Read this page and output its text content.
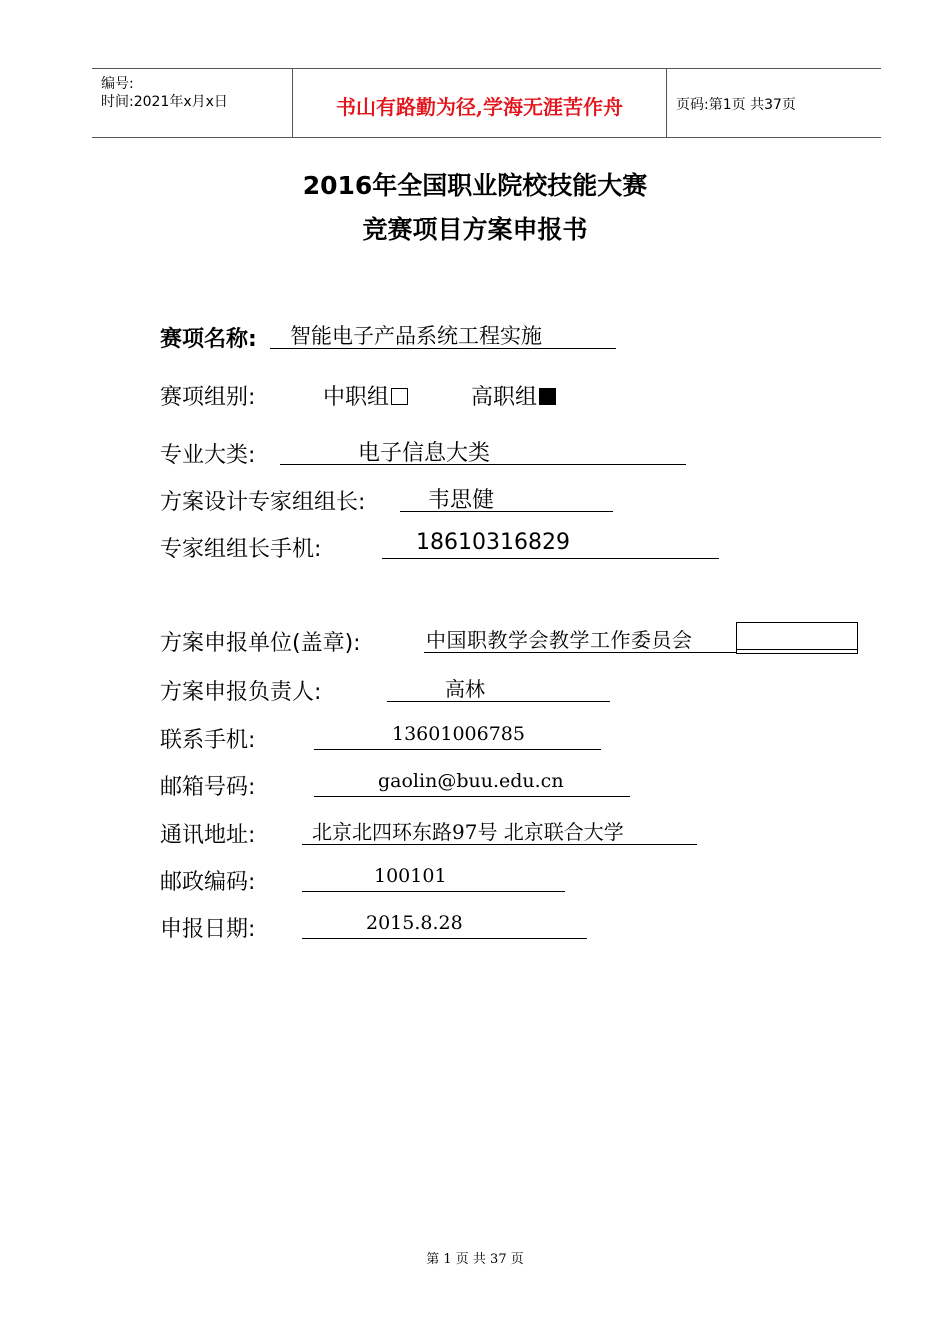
编号:
时间:2021年x月x日	书山有路勤为径,学海无涯苦作舟	页码:第1页 共37页
2016年全国职业院校技能大赛
竞赛项目方案申报书
赛项名称: 智能电子产品系统工程实施
赛项组别:	中职组	高职组
专业大类:	电子信息大类
方案设计专家组组长:	韦思健
专家组组长手机:	18610316829
方案申报单位(盖章):	中国职教学会教学工作委员会
方案申报负责人:	高林
联系手机:	13601006785
邮箱号码:	gaolin@buu.edu.cn
通讯地址:	北京北四环东路97号 北京联合大学
邮政编码:	100101
申报日期:	2015.8.28
第 1 页 共 37 页
